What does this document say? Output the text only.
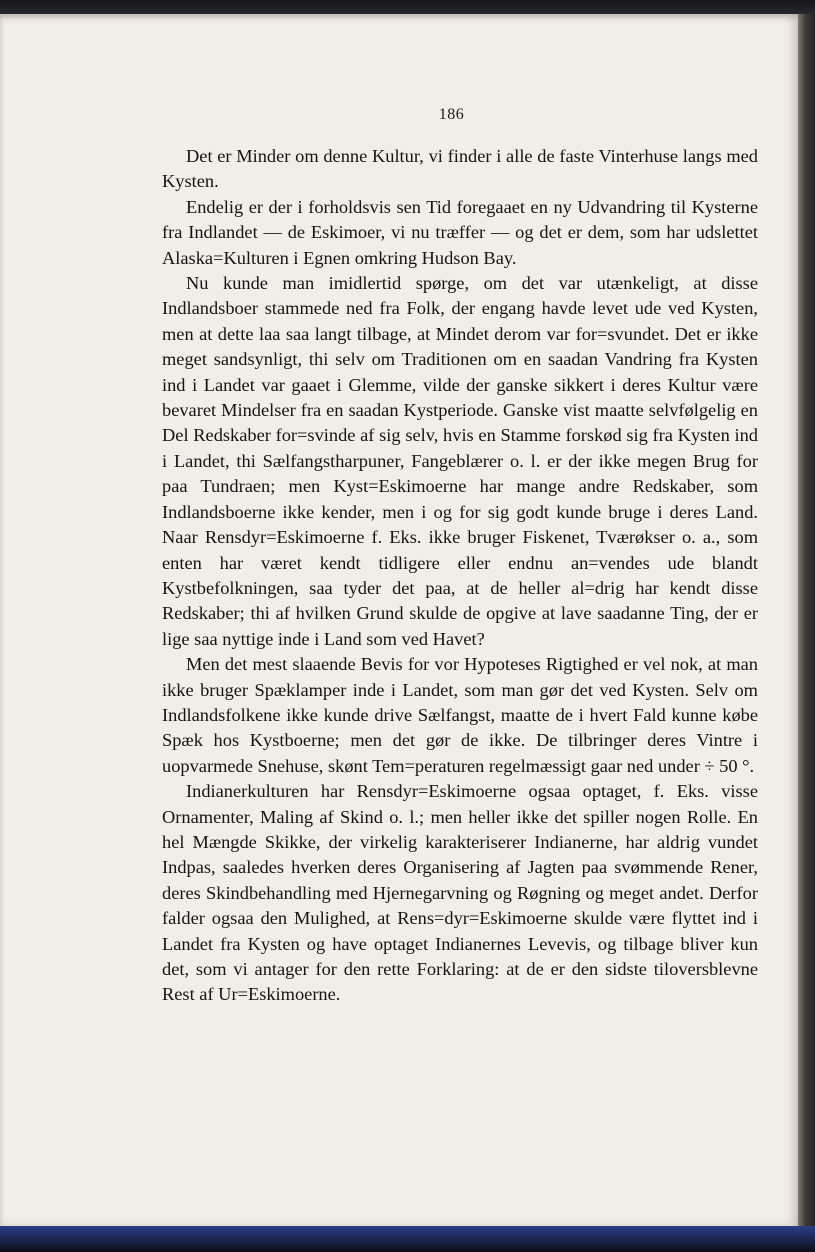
186

Det er Minder om denne Kultur, vi finder i alle de faste Vinterhuse langs med Kysten.

Endelig er der i forholdsvis sen Tid foregaaet en ny Udvandring til Kysterne fra Indlandet — de Eskimoer, vi nu træffer — og det er dem, som har udslettet Alaska=Kulturen i Egnen omkring Hudson Bay.

Nu kunde man imidlertid spørge, om det var utænkeligt, at disse Indlandsboer stammede ned fra Folk, der engang havde levet ude ved Kysten, men at dette laa saa langt tilbage, at Mindet derom var for=svundet. Det er ikke meget sandsynligt, thi selv om Traditionen om en saadan Vandring fra Kysten ind i Landet var gaaet i Glemme, vilde der ganske sikkert i deres Kultur være bevaret Mindelser fra en saadan Kystperiode. Ganske vist maatte selvfølgelig en Del Redskaber for=svinde af sig selv, hvis en Stamme forskød sig fra Kysten ind i Landet, thi Sælfangstharpuner, Fangeblærer o. l. er der ikke megen Brug for paa Tundraen; men Kyst=Eskimoerne har mange andre Redskaber, som Indlandsboerne ikke kender, men i og for sig godt kunde bruge i deres Land. Naar Rensdyr=Eskimoerne f. Eks. ikke bruger Fiskenet, Tværøkser o. a., som enten har været kendt tidligere eller endnu an=vendes ude blandt Kystbefolkningen, saa tyder det paa, at de heller al=drig har kendt disse Redskaber; thi af hvilken Grund skulde de opgive at lave saadanne Ting, der er lige saa nyttige inde i Land som ved Havet?

Men det mest slaaende Bevis for vor Hypoteses Rigtighed er vel nok, at man ikke bruger Spæklamper inde i Landet, som man gør det ved Kysten. Selv om Indlandsfolkene ikke kunde drive Sælfangst, maatte de i hvert Fald kunne købe Spæk hos Kystboerne; men det gør de ikke. De tilbringer deres Vintre i uopvarmede Snehuse, skønt Tem=peraturen regelmæssigt gaar ned under ÷ 50 °.

Indianerkulturen har Rensdyr=Eskimoerne ogsaa optaget, f. Eks. visse Ornamenter, Maling af Skind o. l.; men heller ikke det spiller nogen Rolle. En hel Mængde Skikke, der virkelig karakteriserer Indianerne, har aldrig vundet Indpas, saaledes hverken deres Organisering af Jagten paa svømmende Rener, deres Skindbehandling med Hjernegarvning og Røgning og meget andet. Derfor falder ogsaa den Mulighed, at Rens=dyr=Eskimoerne skulde være flyttet ind i Landet fra Kysten og have optaget Indianernes Levevis, og tilbage bliver kun det, som vi antager for den rette Forklaring: at de er den sidste tiloversblevne Rest af Ur=Eskimoerne.
